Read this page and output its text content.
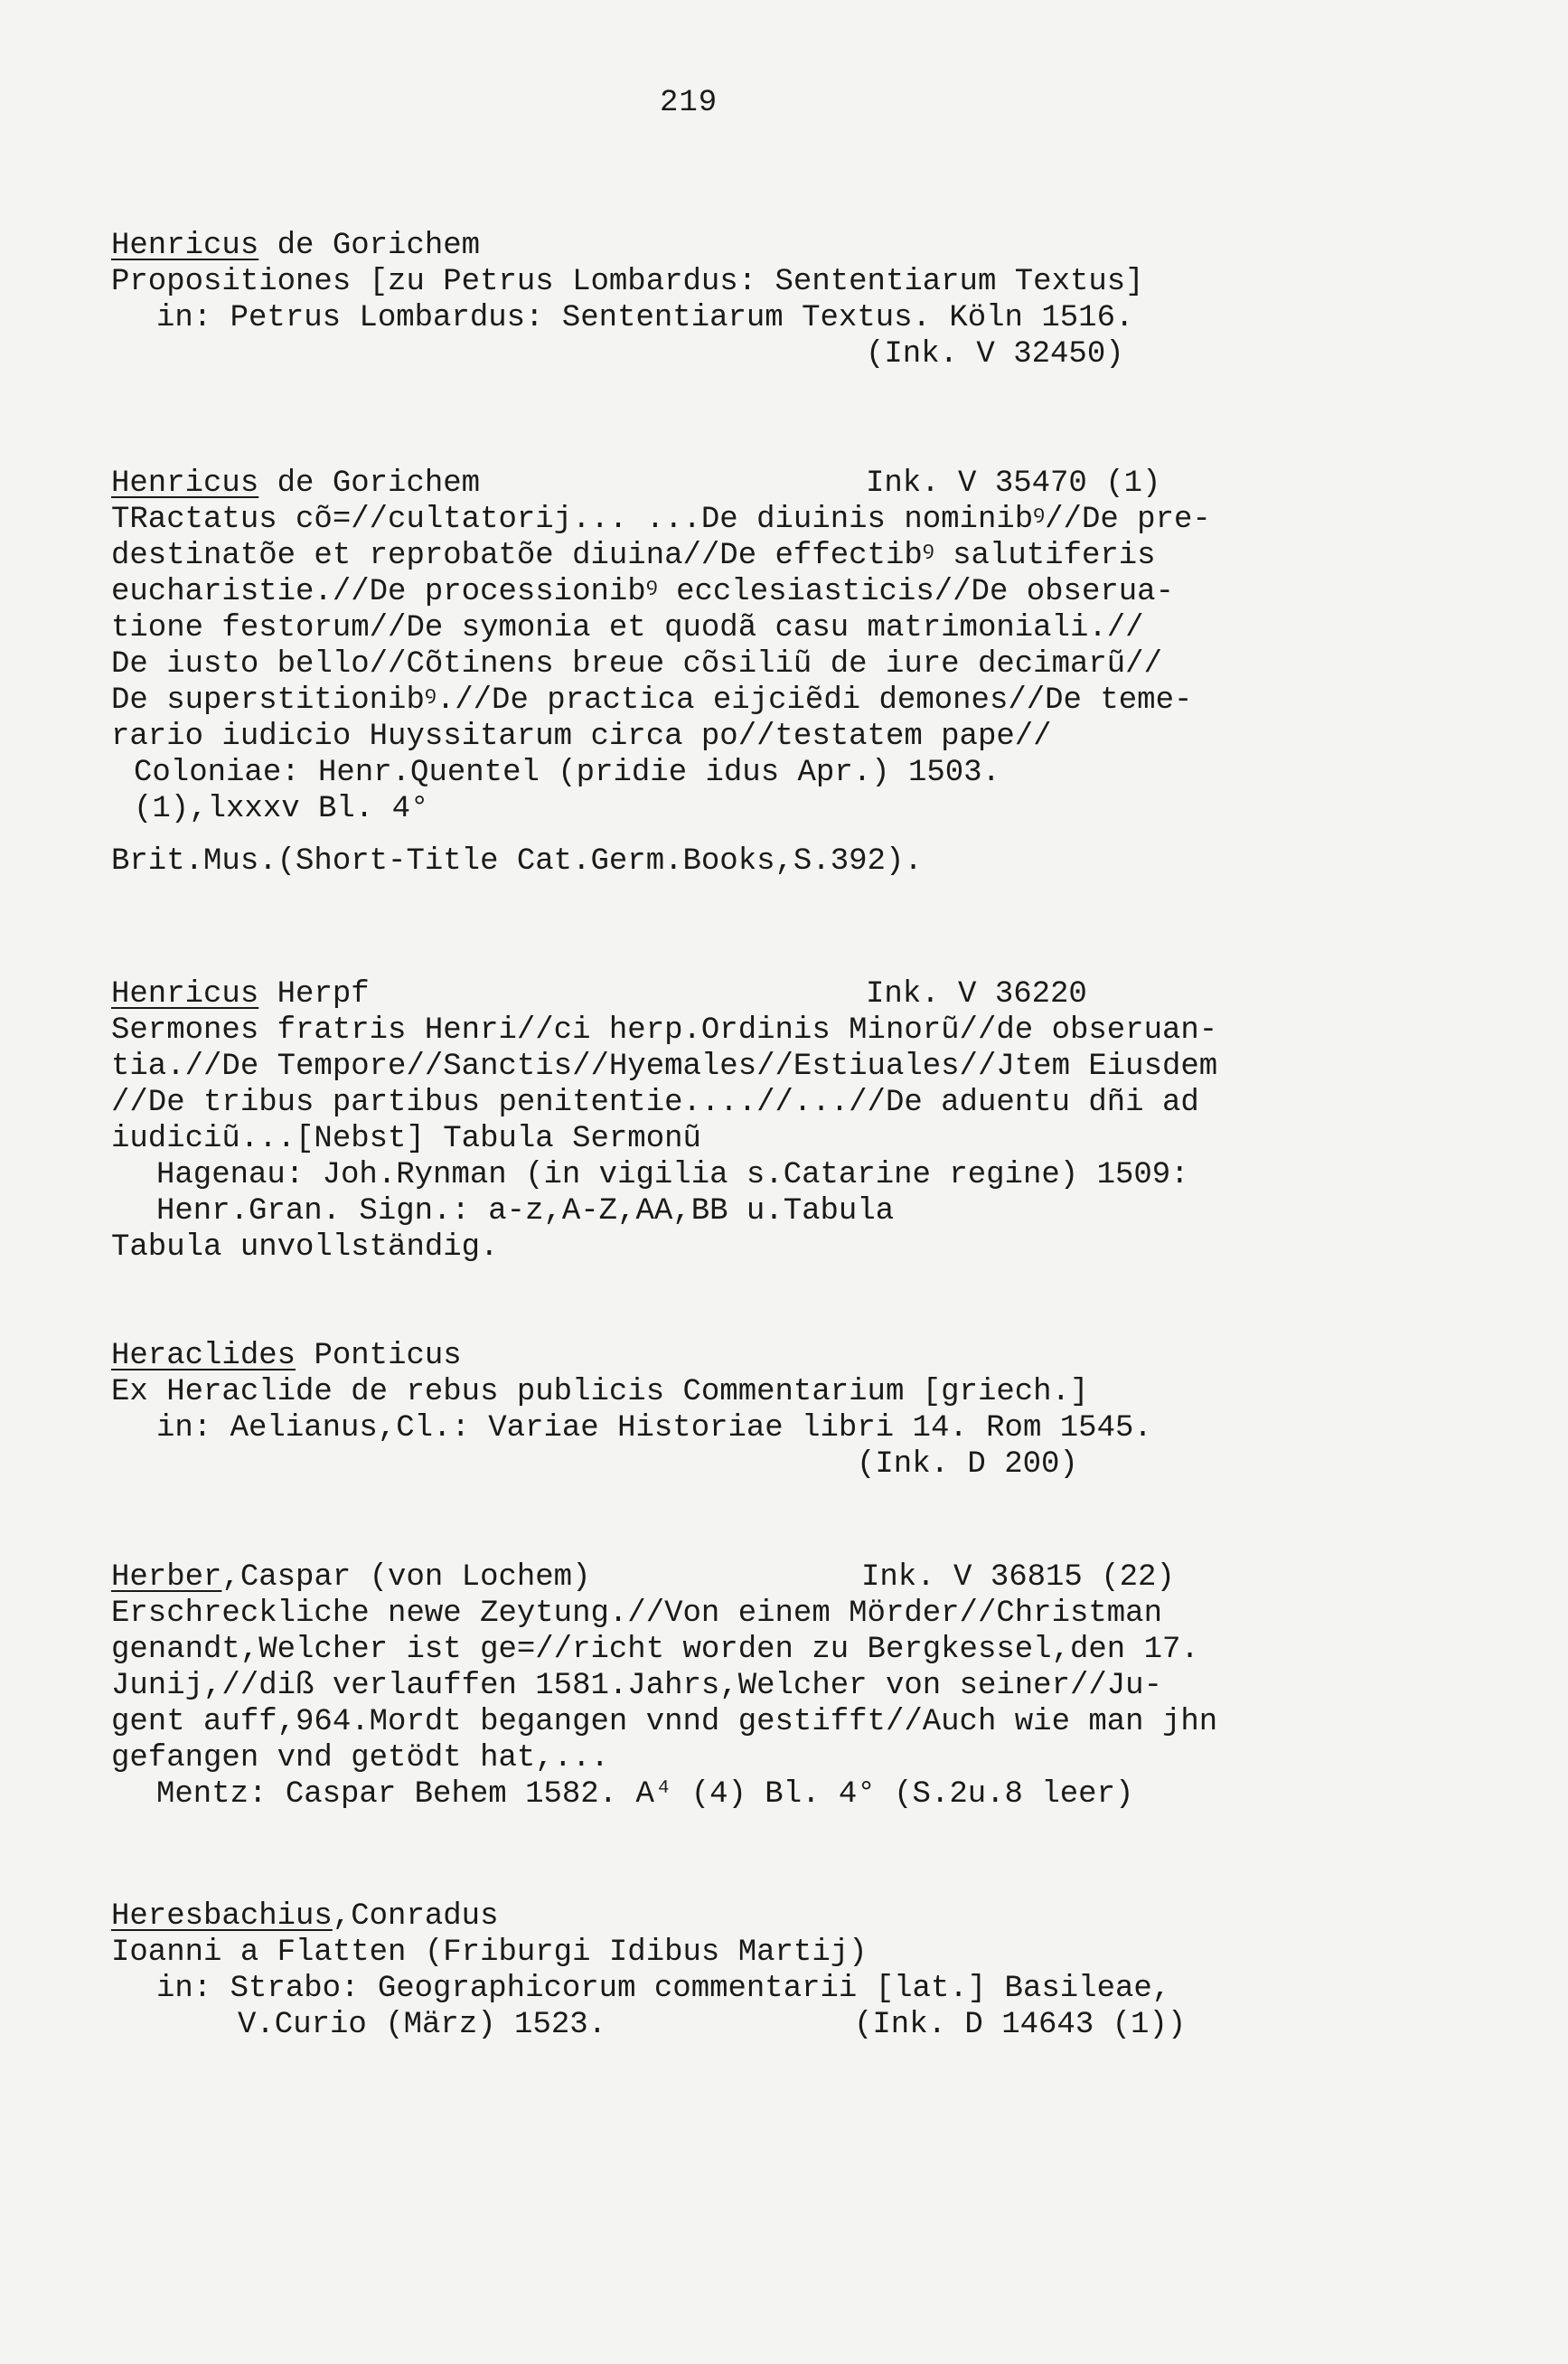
219
Henricus de Gorichem
Propositiones [zu Petrus Lombardus: Sententiarum Textus]
in: Petrus Lombardus: Sententiarum Textus. Köln 1516.
(Ink. V 32450)
Henricus de Gorichem	Ink. V 35470 (1)
TRactatus cõ=//cultatorij... ...De diuinis nominibꝰ//De pre-
destinatõe et reprobatõe diuina//De effectibꝰ salutiferis
eucharistie.//De processionibꝰ ecclesiasticis//De obserua-
tione festorum//De symonia et quodã casu matrimoniali.//
De iusto bello//Cõtinens breue cõsiliũ de iure decimarũ//
De superstitionibꝰ.//De practica eijciẽdi demones//De teme-
rario iudicio Huyssitarum circa po//testatem pape//
Coloniae: Henr.Quentel (pridie idus Apr.) 1503.
(1),lxxxv Bl. 4°
Brit.Mus.(Short-Title Cat.Germ.Books,S.392).
Henricus Herpf	Ink. V 36220
Sermones fratris Henri//ci herp.Ordinis Minorũ//de obseruan-
tia.//De Tempore//Sanctis//Hyemales//Estiuales//Jtem Eiusdem
//De tribus partibus penitentie....//...//De aduentu dñi ad
iudiciũ...[Nebst] Tabula Sermonũ
Hagenau: Joh.Rynman (in vigilia s.Catarine regine) 1509:
Henr.Gran. Sign.: a-z,A-Z,AA,BB u.Tabula
Tabula unvollständig.
Heraclides Ponticus
Ex Heraclide de rebus publicis Commentarium [griech.]
in: Aelianus,Cl.: Variae Historiae libri 14. Rom 1545.
(Ink. D 200)
Herber,Caspar (von Lochem)	Ink. V 36815 (22)
Erschreckliche newe Zeytung.//Von einem Mörder//Christman
genandt,Welcher ist ge=//richt worden zu Bergkessel,den 17.
Junij,//diß verlauffen 1581.Jahrs,Welcher von seiner//Ju-
gent auff,964.Mordt begangen vnnd gestifft//Auch wie man jhn
gefangen vnd getödt hat,...
Mentz: Caspar Behem 1582. A⁴ (4) Bl. 4° (S.2u.8 leer)
Heresbachius,Conradus
Ioanni a Flatten (Friburgi Idibus Martij)
in: Strabo: Geographicorum commentarii [lat.] Basileae,
V.Curio (März) 1523.	(Ink. D 14643 (1))
